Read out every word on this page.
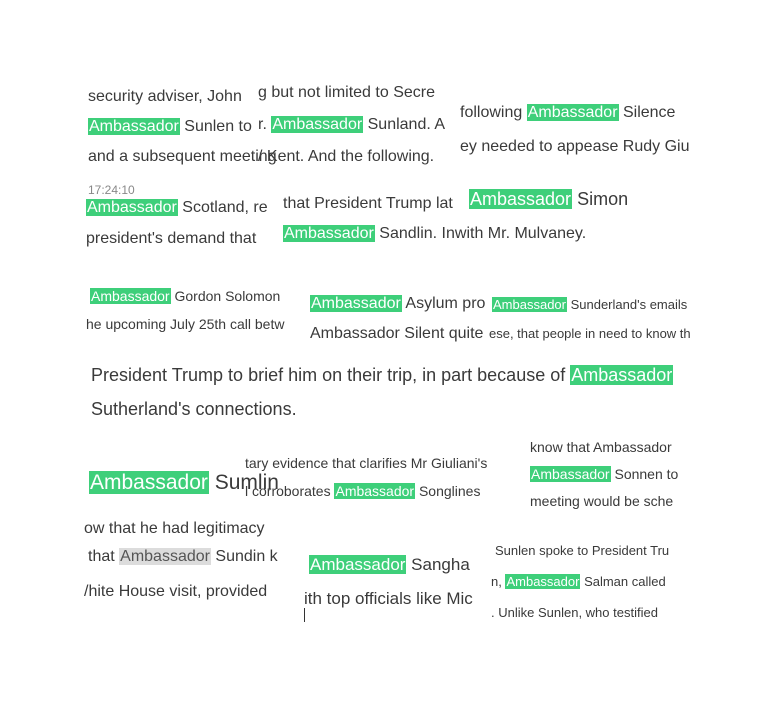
security adviser, John
Ambassador Sunlen to
and a subsequent meeting
g but not limited to Secre
r. Ambassador Sunland. A
/ Kent. And the following.
following Ambassador Silence
ey needed to appease Rudy Giu
17:24:10
Ambassador Scotland, re
president's demand that
that President Trump lat Ambassador Simon
Ambassador Sandlin. Inwith Mr. Mulvaney.
Ambassador Gordon Solomon
he upcoming July 25th call betw
Ambassador Asylum pro
Ambassador Silent quite
Ambassador Sunderland's emails
ese, that people in need to know th
President Trump to brief him on their trip, in part because of Ambassador
Sutherland's connections.
Ambassador Sumlin
tary evidence that clarifies Mr Giuliani's
l corroborates Ambassador Songlines
know that Ambassador
Ambassador Sonnen to
meeting would be sche
ow that he had legitimacy
that Ambassador Sundin k
/hite House visit, provided
Ambassador Sangha
ith top officials like Mic
Sunlen spoke to President Tru
n, Ambassador Salman called
. Unlike Sunlen, who testified
